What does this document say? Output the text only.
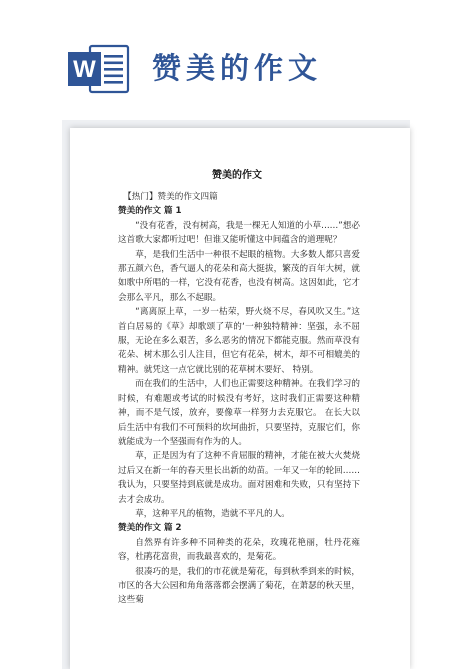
W 赞美的作文
赞美的作文

【热门】赞美的作文四篇

赞美的作文 篇 1

“没有花香，没有树高，我是一棵无人知道的小草……”想必这首歌大家都听过吧！但谁又能听懂这中间蕴含的道理呢？

草，是我们生活中一种很不起眼的植物。大多数人都只喜爱那五颜六色，香气逼人的花朵和高大挺拔，繁茂的百年大树，就如歌中所唱的一样，它没有花香，也没有树高。这因如此，它才会那么平凡，那么不起眼。

“离离原上草，一岁一枯荣，野火烧不尽，春风吹又生。”这首白居易的《草》却歌颂了草的‘一种独特精神：坚强，永不屈服，无论在多么艰苦，多么恶劣的情况下都能克服。然而草没有花朵、树木那么引人注目，但它有花朵，树木，却不可相媲美的精神。就凭这一点它就比别的花草树木要好、 特别。

而在我们的生活中，人们也正需要这种精神。在我们学习的时候，有难题或考试的时候没有考好，这时我们正需要这种精神，而不是气馁，放弃，要像草一样努力去克服它。 在长大以后生活中有我们不可预料的坎坷曲折，只要坚持，克服它们，你就能成为一个坚强而有作为的人。

草，正是因为有了这种不肯屈服的精神，才能在被大火焚烧过后又在新一年的春天里长出新的幼苗。一年又一年的轮回……我认为，只要坚持到底就是成功。面对困难和失败，只有坚持下去才会成功。

草，这种平凡的植物，造就不平凡的人。

赞美的作文 篇 2

自然界有许多种不同种类的花朵，玫瑰花艳丽，牡丹花雍容，杜鹃花富贵，而我最喜欢的，是菊花。

很凑巧的是，我们的市花就是菊花，每到秋季到来的时候，市区的各大公园和角角落落都会摆满了菊花，在萧瑟的秋天里，这些菊
